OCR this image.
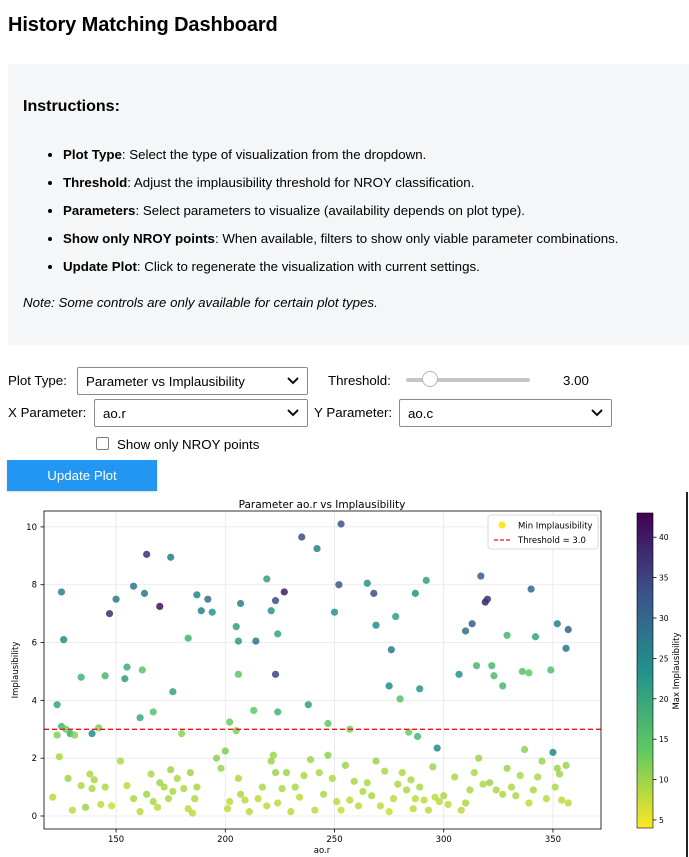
History Matching Dashboard
Instructions:
• Plot Type: Select the type of visualization from the dropdown.
• Threshold: Adjust the implausibility threshold for NROY classification.
• Parameters: Select parameters to visualize (availability depends on plot type).
• Show only NROY points: When available, filters to show only viable parameter combinations.
• Update Plot: Click to regenerate the visualization with current settings.

Note: Some controls are only available for certain plot types.

Plot Type: Parameter vs Implausibility	Threshold:	3.00
X Parameter: ao.r	Y Parameter: ao.c
Show only NROY points
Update Plot
150	200	250	300	350
0
2
4
6
8
10
Parameter ao.r vs Implausibility
ao.r
Implausibility
Min Implausibility
Threshold = 3.0
5
10
15
20
25
30
35
40
Max Implausibility
